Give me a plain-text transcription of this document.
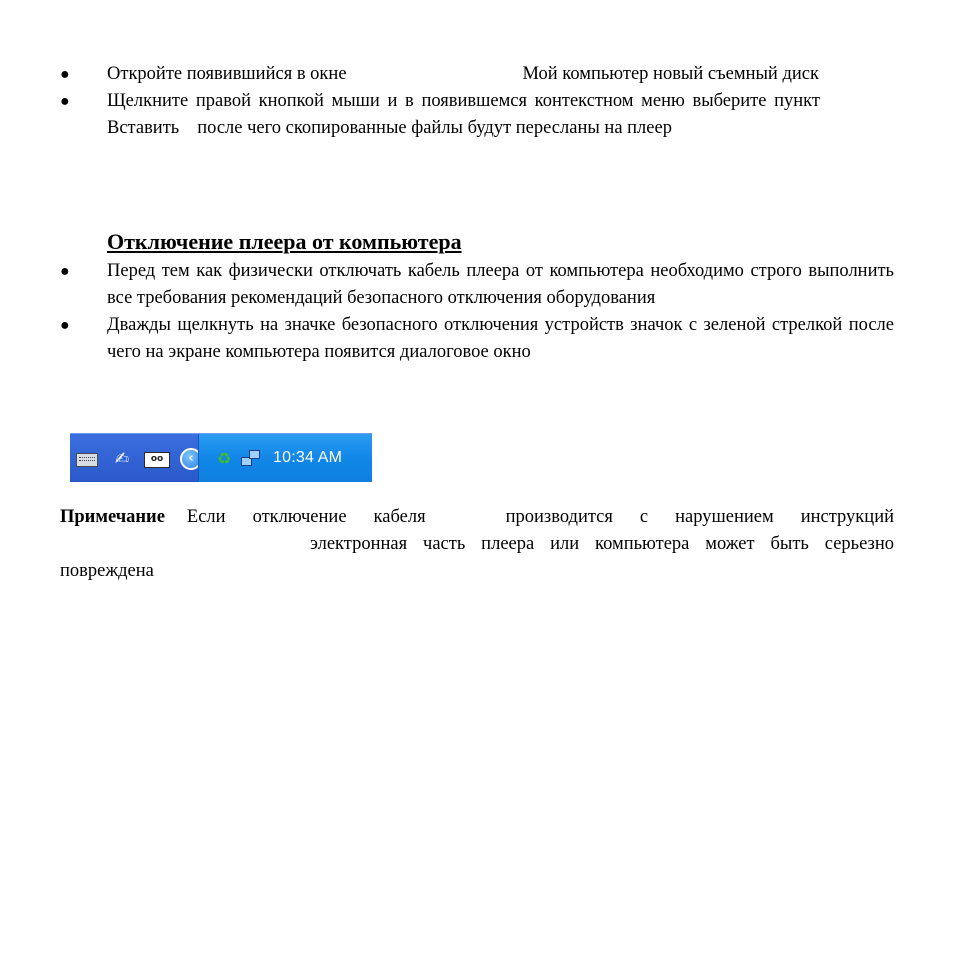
● Откройте появившийся в окне	Мой компьютер новый съемный диск
● Щелкните правой кнопкой мыши и в появившемся контекстном меню выберите пунктВставить после чего скопированные файлы будут пересланы на плеер
Отключение плеера от компьютера
● Перед тем как физически отключать кабель плеера от компьютера необходимо строго выполнить все требования рекомендаций безопасного отключения оборудования
● Дважды щелкнуть на значке безопасного отключения устройств значок с зеленой стрелкой после чего на экране компьютера появится диалоговое окно
✍	oo	‹	♻	10:34 AM

Примечание Если отключение кабеля	производится с нарушением инструкцийэлектронная часть плеера или компьютера может быть серьезно повреждена
